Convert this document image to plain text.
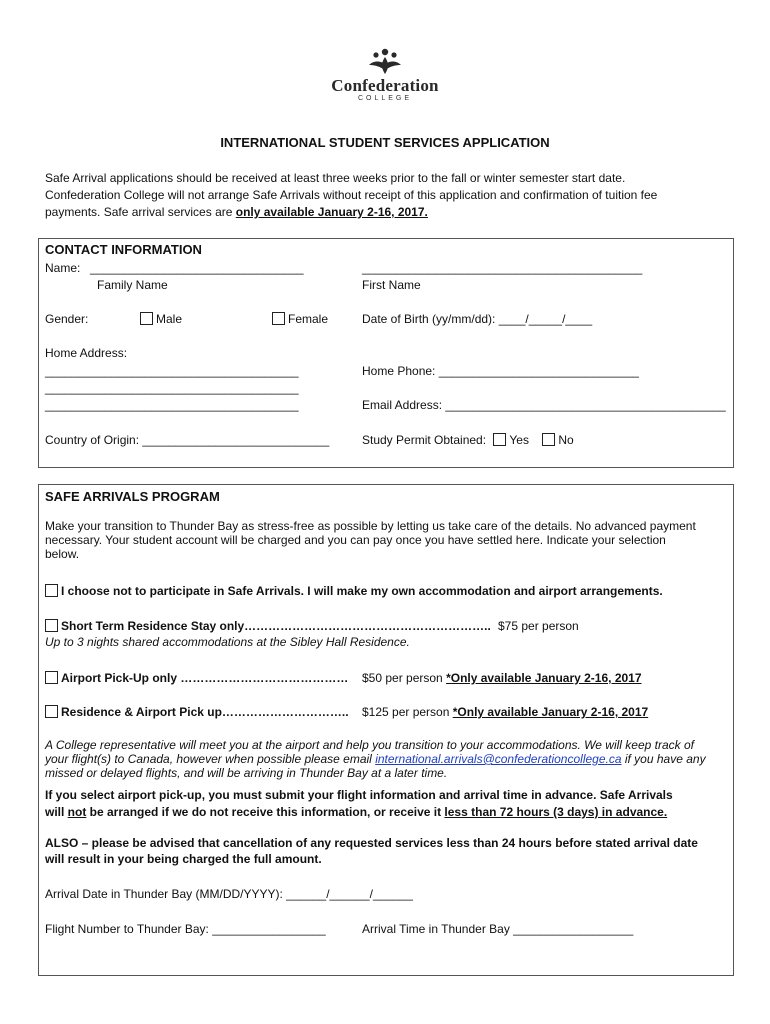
Confederation
COLLEGE
INTERNATIONAL STUDENT SERVICES APPLICATION
Safe Arrival applications should be received at least three weeks prior to the fall or winter semester start date.
Confederation College will not arrange Safe Arrivals without receipt of this application and confirmation of tuition fee
payments. Safe arrival services are only available January 2-16, 2017.
CONTACT INFORMATION
Name: ________________________________	__________________________________________
Family Name	First Name
Gender:	Male	Female	Date of Birth (yy/mm/dd): ____/_____/____
Home Address:
______________________________________
______________________________________
______________________________________
Home Phone: ______________________________
Email Address: __________________________________________
Country of Origin: ____________________________	Study Permit Obtained: Yes No
SAFE ARRIVALS PROGRAM
Make your transition to Thunder Bay as stress-free as possible by letting us take care of the details. No advanced payment
necessary. Your student account will be charged and you can pay once you have settled here. Indicate your selection
below.
I choose not to participate in Safe Arrivals. I will make my own accommodation and airport arrangements.
Short Term Residence Stay only…………………………………………………….. $75 per person
Up to 3 nights shared accommodations at the Sibley Hall Residence.
Airport Pick-Up only …………………………………… $50 per person *Only available January 2-16, 2017
Residence & Airport Pick up………………………….. $125 per person *Only available January 2-16, 2017
A College representative will meet you at the airport and help you transition to your accommodations. We will keep track of
your flight(s) to Canada, however when possible please email international.arrivals@confederationcollege.ca if you have any
missed or delayed flights, and will be arriving in Thunder Bay at a later time.
If you select airport pick-up, you must submit your flight information and arrival time in advance. Safe Arrivals
will not be arranged if we do not receive this information, or receive it less than 72 hours (3 days) in advance.
ALSO – please be advised that cancellation of any requested services less than 24 hours before stated arrival date
will result in your being charged the full amount.
Arrival Date in Thunder Bay (MM/DD/YYYY): ______/______/______
Flight Number to Thunder Bay: _________________	Arrival Time in Thunder Bay __________________
